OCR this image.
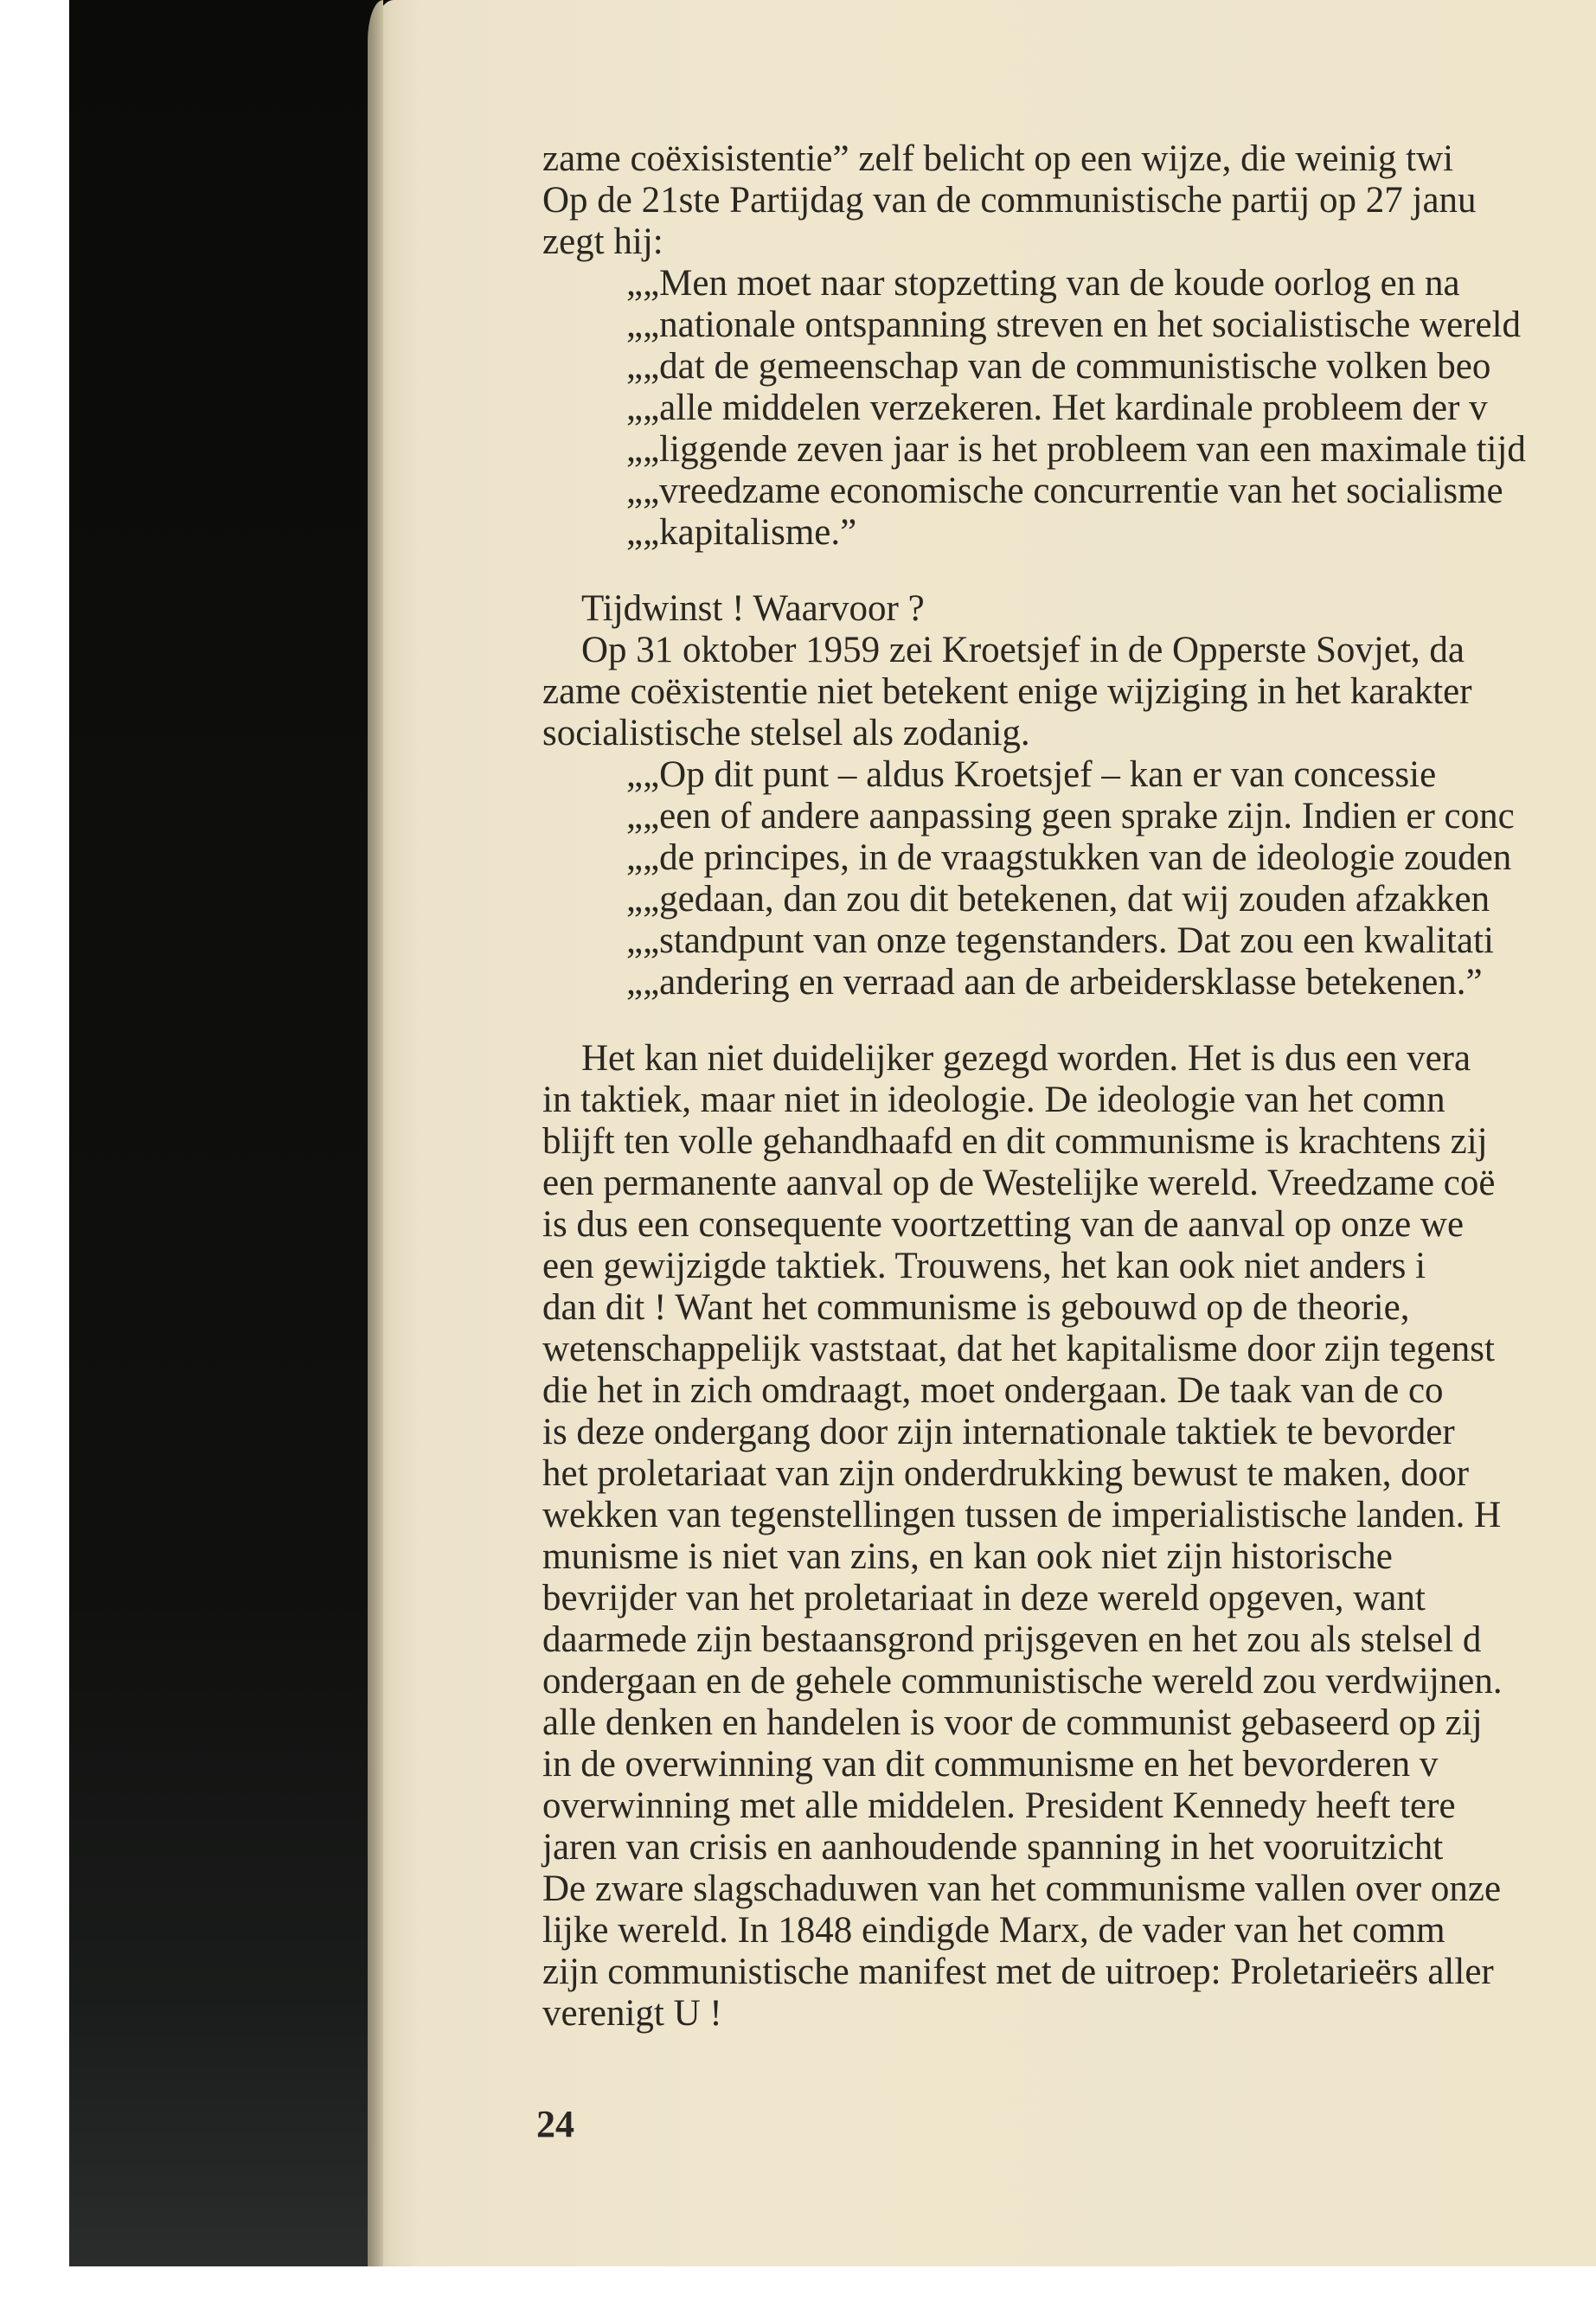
zame coëxisistentie” zelf belicht op een wijze, die weinig twi
Op de 21ste Partijdag van de communistische partij op 27 janu
zegt hij:
„„Men moet naar stopzetting van de koude oorlog en na
„„nationale ontspanning streven en het socialistische wereld
„„dat de gemeenschap van de communistische volken beo
„„alle middelen verzekeren. Het kardinale probleem der v
„„liggende zeven jaar is het probleem van een maximale tijd
„„vreedzame economische concurrentie van het socialisme
„„kapitalisme.”
Tijdwinst ! Waarvoor ?
Op 31 oktober 1959 zei Kroetsjef in de Opperste Sovjet, da
zame coëxistentie niet betekent enige wijziging in het karakter
socialistische stelsel als zodanig.
„„Op dit punt – aldus Kroetsjef – kan er van concessie
„„een of andere aanpassing geen sprake zijn. Indien er conc
„„de principes, in de vraagstukken van de ideologie zouden
„„gedaan, dan zou dit betekenen, dat wij zouden afzakken
„„standpunt van onze tegenstanders. Dat zou een kwalitati
„„andering en verraad aan de arbeidersklasse betekenen.”
Het kan niet duidelijker gezegd worden. Het is dus een vera
in taktiek, maar niet in ideologie. De ideologie van het comn
blijft ten volle gehandhaafd en dit communisme is krachtens zij
een permanente aanval op de Westelijke wereld. Vreedzame coë
is dus een consequente voortzetting van de aanval op onze we
een gewijzigde taktiek. Trouwens, het kan ook niet anders i
dan dit ! Want het communisme is gebouwd op de theorie,
wetenschappelijk vaststaat, dat het kapitalisme door zijn tegenst
die het in zich omdraagt, moet ondergaan. De taak van de co
is deze ondergang door zijn internationale taktiek te bevorder
het proletariaat van zijn onderdrukking bewust te maken, door
wekken van tegenstellingen tussen de imperialistische landen. H
munisme is niet van zins, en kan ook niet zijn historische
bevrijder van het proletariaat in deze wereld opgeven, want
daarmede zijn bestaansgrond prijsgeven en het zou als stelsel d
ondergaan en de gehele communistische wereld zou verdwijnen.
alle denken en handelen is voor de communist gebaseerd op zij
in de overwinning van dit communisme en het bevorderen v
overwinning met alle middelen. President Kennedy heeft tere
jaren van crisis en aanhoudende spanning in het vooruitzicht
De zware slagschaduwen van het communisme vallen over onze
lijke wereld. In 1848 eindigde Marx, de vader van het comm
zijn communistische manifest met de uitroep: Proletarieërs aller
verenigt U !
24
